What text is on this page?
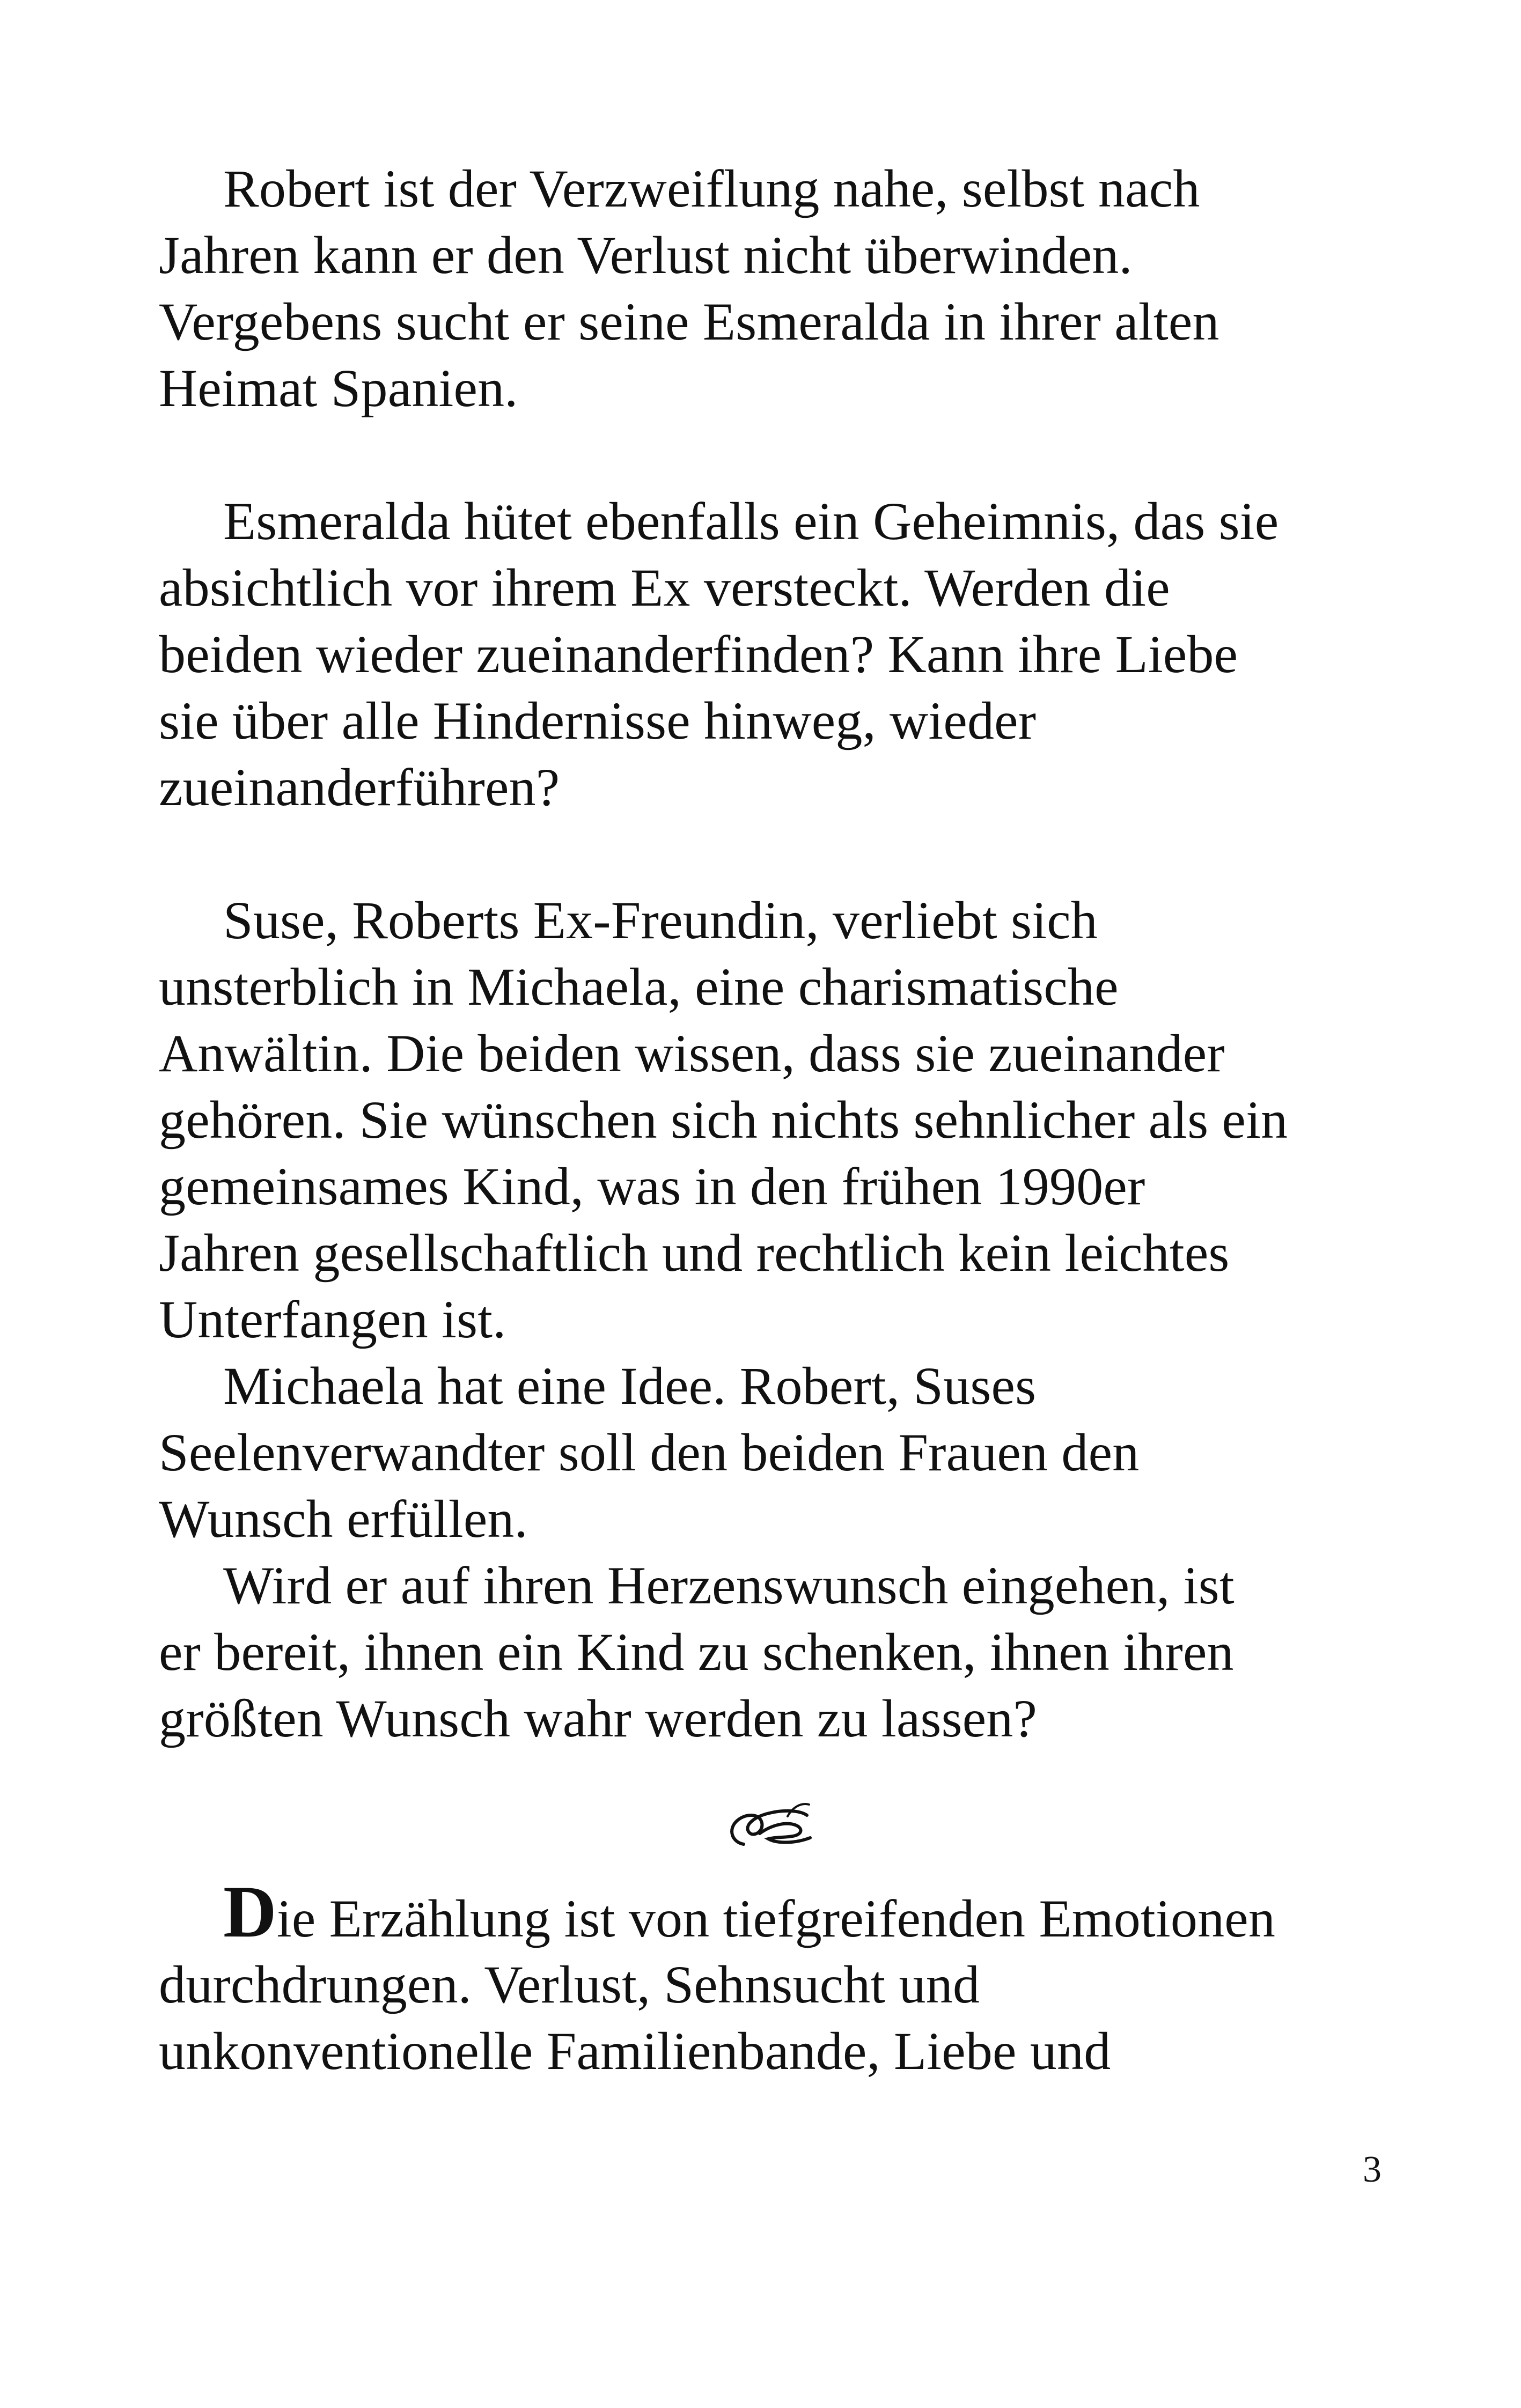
Robert ist der Verzweiflung nahe, selbst nach
Jahren kann er den Verlust nicht überwinden.
Vergebens sucht er seine Esmeralda in ihrer alten
Heimat Spanien.
Esmeralda hütet ebenfalls ein Geheimnis, das sie
absichtlich vor ihrem Ex versteckt. Werden die
beiden wieder zueinanderfinden? Kann ihre Liebe
sie über alle Hindernisse hinweg, wieder
zueinanderführen?
Suse, Roberts Ex-Freundin, verliebt sich
unsterblich in Michaela, eine charismatische
Anwältin. Die beiden wissen, dass sie zueinander
gehören. Sie wünschen sich nichts sehnlicher als ein
gemeinsames Kind, was in den frühen 1990er
Jahren gesellschaftlich und rechtlich kein leichtes
Unterfangen ist.
Michaela hat eine Idee. Robert, Suses
Seelenverwandter soll den beiden Frauen den
Wunsch erfüllen.
Wird er auf ihren Herzenswunsch eingehen, ist
er bereit, ihnen ein Kind zu schenken, ihnen ihren
größten Wunsch wahr werden zu lassen?
Die Erzählung ist von tiefgreifenden Emotionen
durchdrungen. Verlust, Sehnsucht und
unkonventionelle Familienbande, Liebe und
3
